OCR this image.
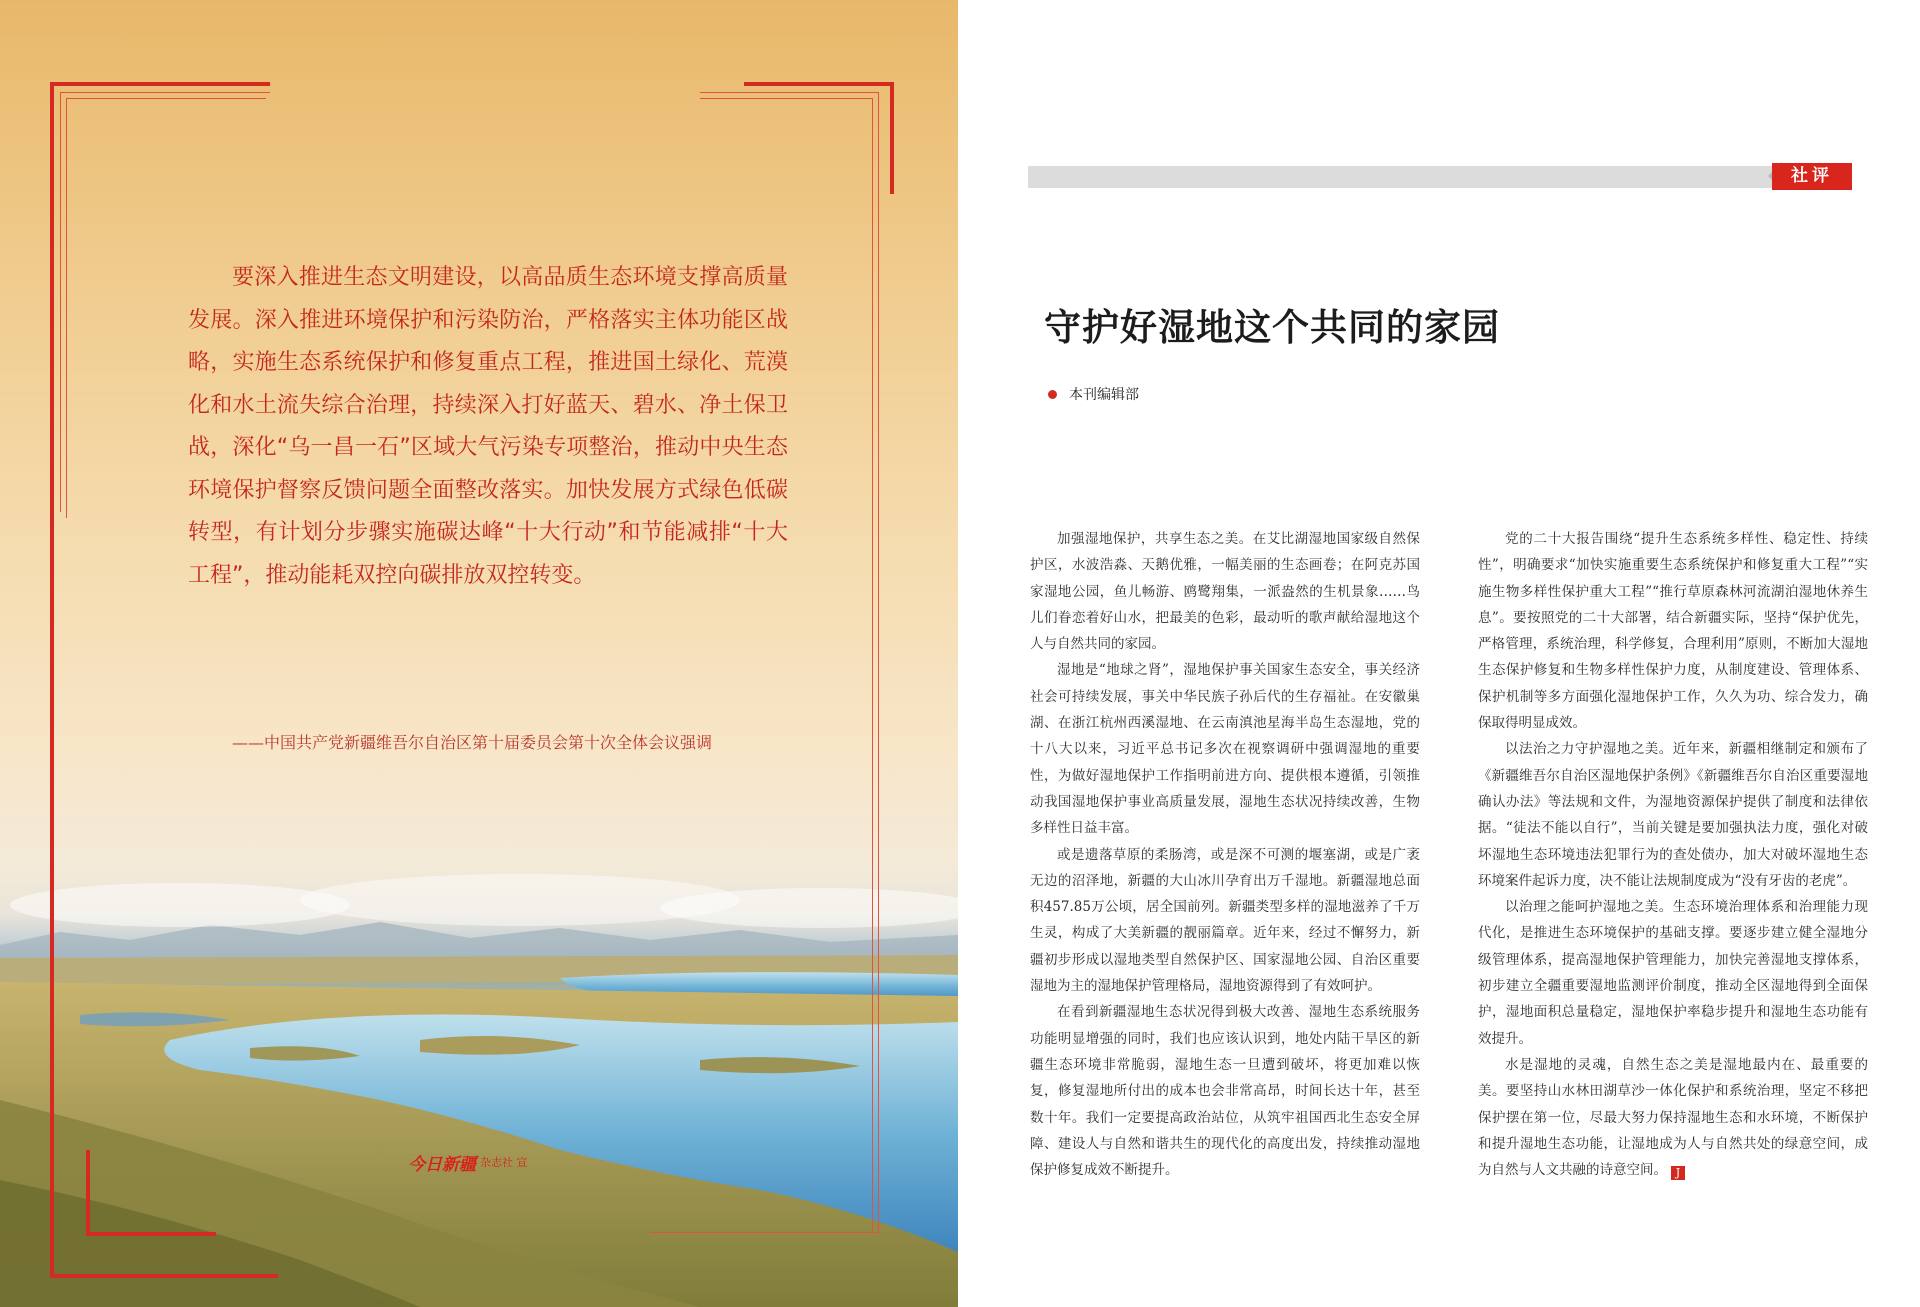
要深入推进生态文明建设，以高品质生态环境支撑高质量发展。深入推进环境保护和污染防治，严格落实主体功能区战略，实施生态系统保护和修复重点工程，推进国土绿化、荒漠化和水土流失综合治理，持续深入打好蓝天、碧水、净土保卫战，深化“乌一昌一石”区域大气污染专项整治，推动中央生态环境保护督察反馈问题全面整改落实。加快发展方式绿色低碳转型，有计划分步骤实施碳达峰“十大行动”和节能减排“十大工程”，推动能耗双控向碳排放双控转变。

——中国共产党新疆维吾尔自治区第十届委员会第十次全体会议强调
今日新疆 杂志社 宣
社评
守护好湿地这个共同的家园
本刊编辑部

加强湿地保护，共享生态之美。在艾比湖湿地国家级自然保护区，水波浩淼、天鹅优雅，一幅美丽的生态画卷；在阿克苏国家湿地公园，鱼儿畅游、鸥鹭翔集，一派盎然的生机景象……鸟儿们眷恋着好山水，把最美的色彩，最动听的歌声献给湿地这个人与自然共同的家园。

湿地是“地球之肾”，湿地保护事关国家生态安全，事关经济社会可持续发展，事关中华民族子孙后代的生存福祉。在安徽巢湖、在浙江杭州西溪湿地、在云南滇池星海半岛生态湿地，党的十八大以来，习近平总书记多次在视察调研中强调湿地的重要性，为做好湿地保护工作指明前进方向、提供根本遵循，引领推动我国湿地保护事业高质量发展，湿地生态状况持续改善，生物多样性日益丰富。

或是遗落草原的柔肠湾，或是深不可测的堰塞湖，或是广袤无边的沼泽地，新疆的大山冰川孕育出万千湿地。新疆湿地总面积457.85万公顷，居全国前列。新疆类型多样的湿地滋养了千万生灵，构成了大美新疆的靓丽篇章。近年来，经过不懈努力，新疆初步形成以湿地类型自然保护区、国家湿地公园、自治区重要湿地为主的湿地保护管理格局，湿地资源得到了有效呵护。

在看到新疆湿地生态状况得到极大改善、湿地生态系统服务功能明显增强的同时，我们也应该认识到，地处内陆干旱区的新疆生态环境非常脆弱，湿地生态一旦遭到破坏，将更加难以恢复，修复湿地所付出的成本也会非常高昂，时间长达十年，甚至数十年。我们一定要提高政治站位，从筑牢祖国西北生态安全屏障、建设人与自然和谐共生的现代化的高度出发，持续推动湿地保护修复成效不断提升。

党的二十大报告围绕“提升生态系统多样性、稳定性、持续性”，明确要求“加快实施重要生态系统保护和修复重大工程”“实施生物多样性保护重大工程”“推行草原森林河流湖泊湿地休养生息”。要按照党的二十大部署，结合新疆实际，坚持“保护优先，严格管理，系统治理，科学修复，合理利用”原则，不断加大湿地生态保护修复和生物多样性保护力度，从制度建设、管理体系、保护机制等多方面强化湿地保护工作，久久为功、综合发力，确保取得明显成效。

以法治之力守护湿地之美。近年来，新疆相继制定和颁布了《新疆维吾尔自治区湿地保护条例》《新疆维吾尔自治区重要湿地确认办法》等法规和文件，为湿地资源保护提供了制度和法律依据。“徒法不能以自行”，当前关键是要加强执法力度，强化对破坏湿地生态环境违法犯罪行为的查处债办，加大对破坏湿地生态环境案件起诉力度，决不能让法规制度成为“没有牙齿的老虎”。

以治理之能呵护湿地之美。生态环境治理体系和治理能力现代化，是推进生态环境保护的基础支撑。要逐步建立健全湿地分级管理体系，提高湿地保护管理能力，加快完善湿地支撑体系，初步建立全疆重要湿地监测评价制度，推动全区湿地得到全面保护，湿地面积总量稳定，湿地保护率稳步提升和湿地生态功能有效提升。

水是湿地的灵魂，自然生态之美是湿地最内在、最重要的美。要坚持山水林田湖草沙一体化保护和系统治理，坚定不移把保护摆在第一位，尽最大努力保持湿地生态和水环境，不断保护和提升湿地生态功能，让湿地成为人与自然共处的绿意空间，成为自然与人文共融的诗意空间。 J
